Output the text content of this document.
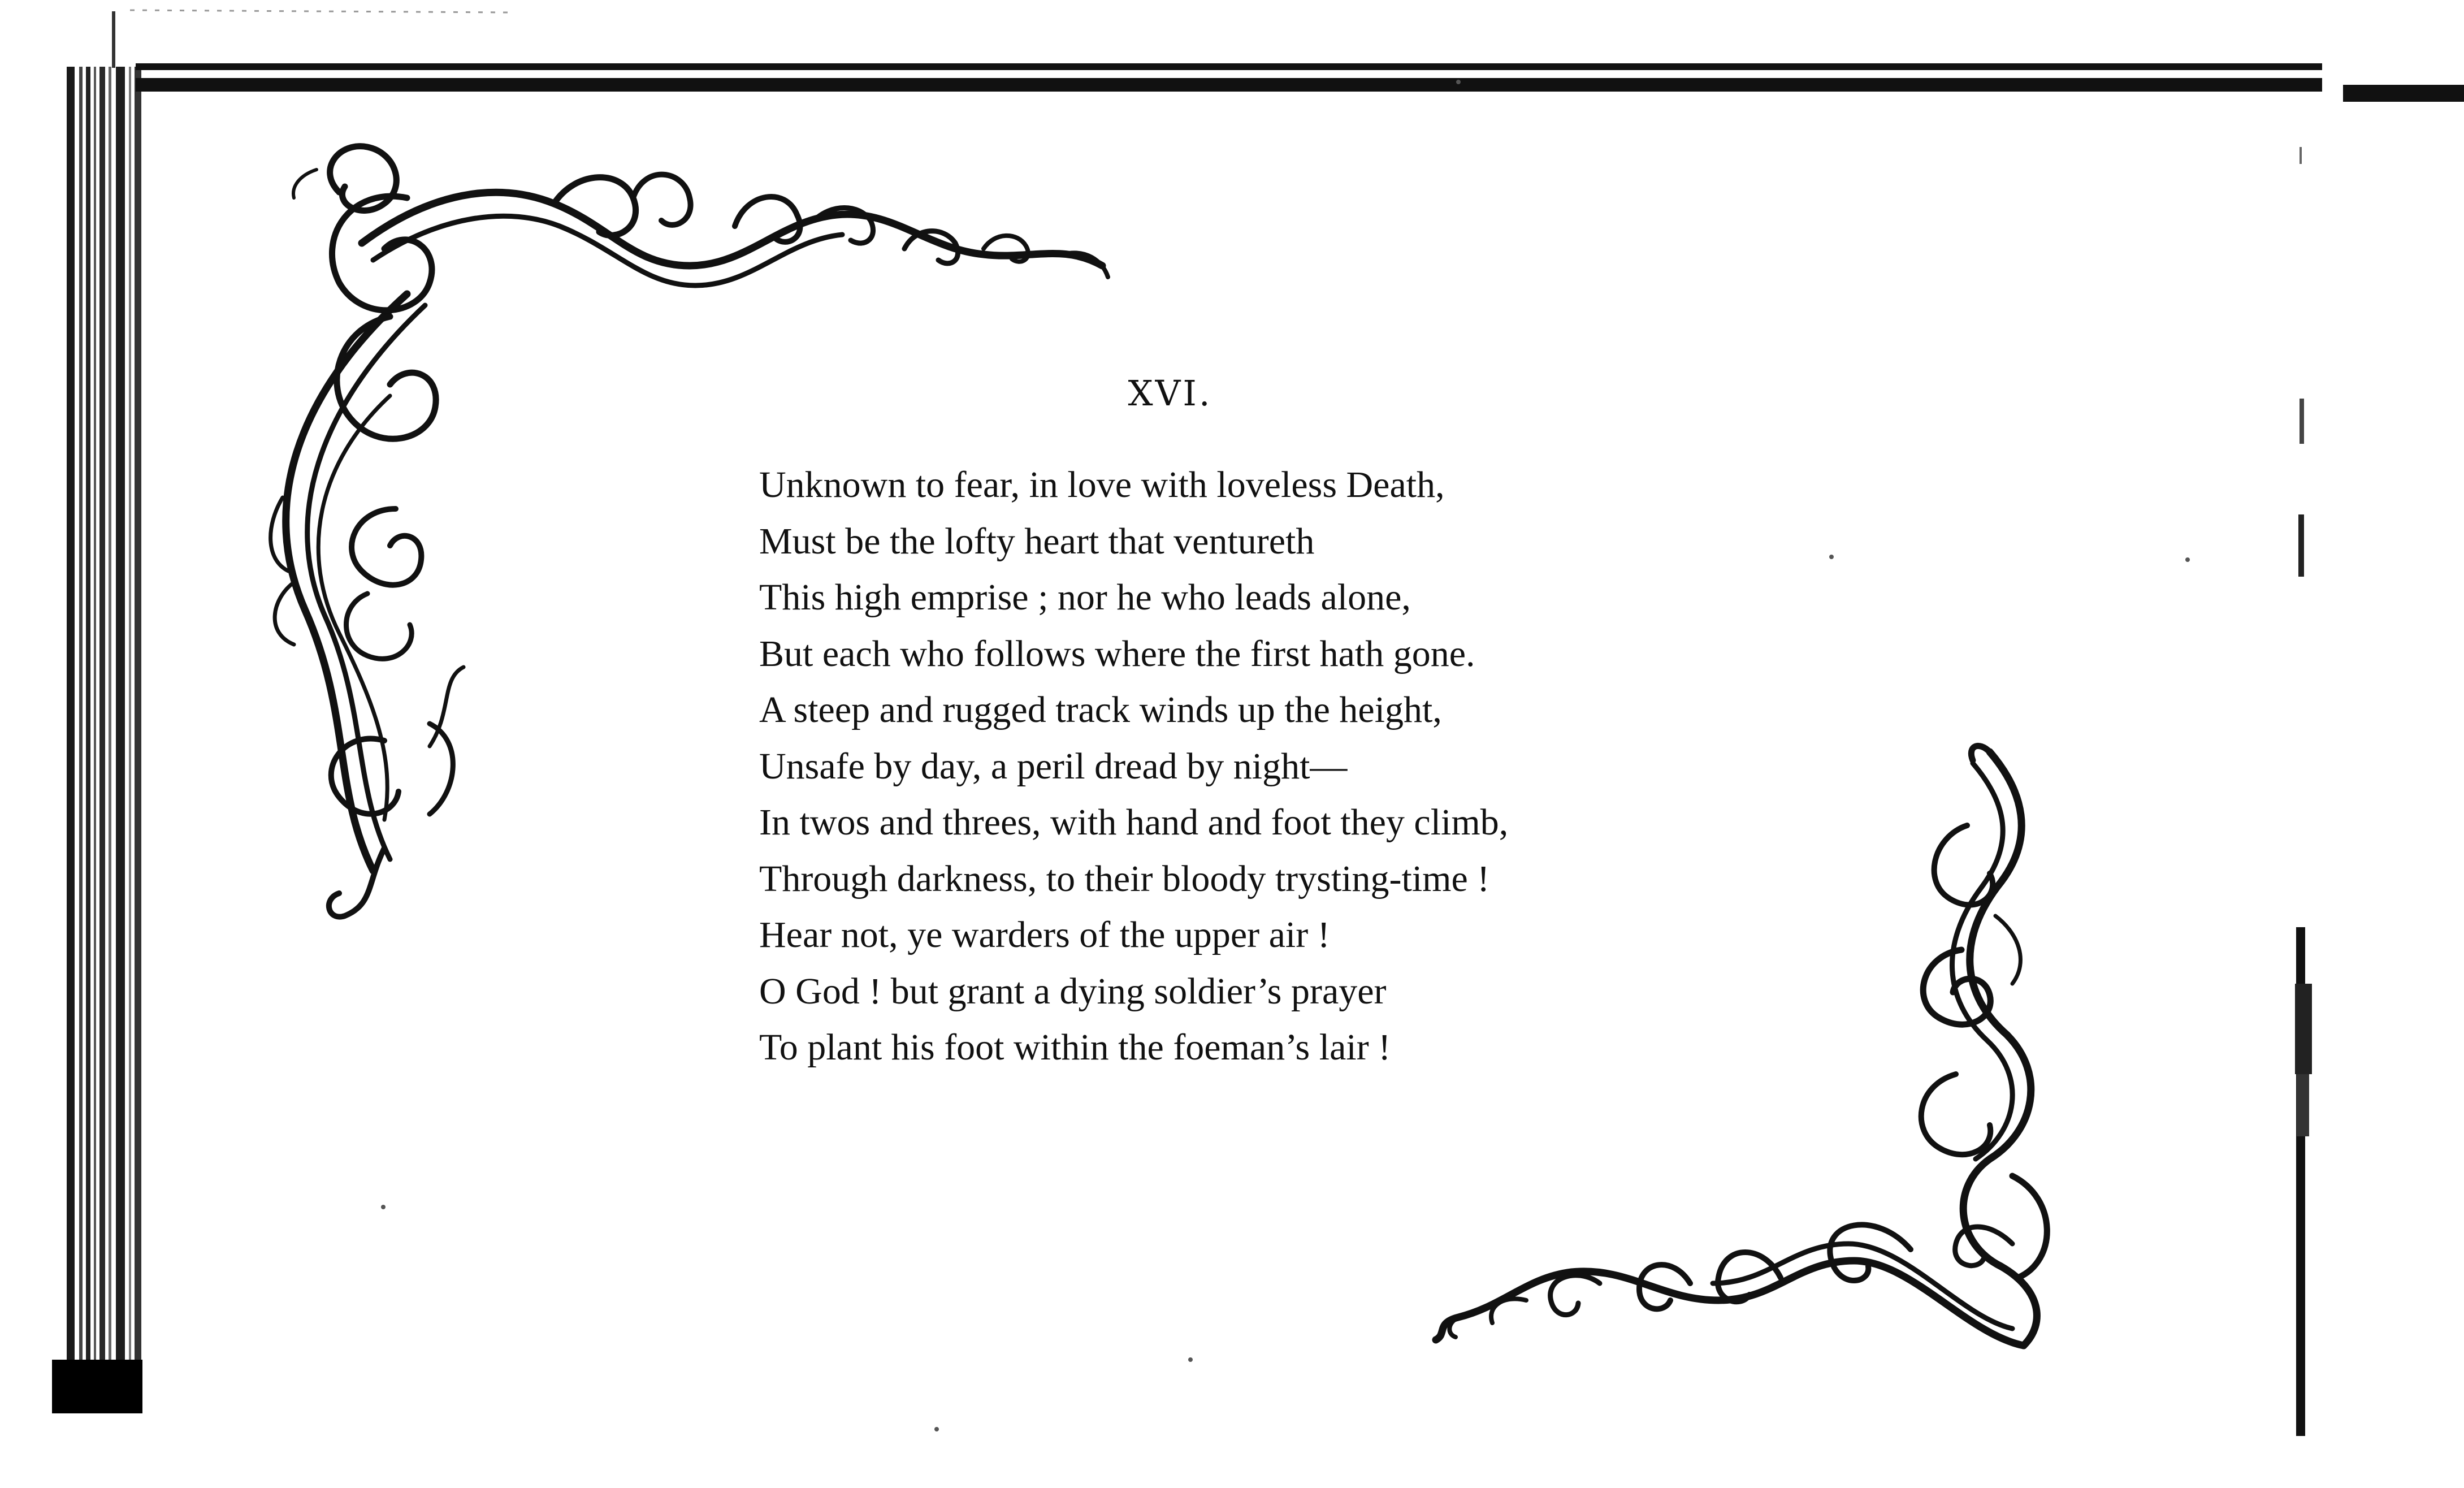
XVI.
Unknown to fear, in love with loveless Death,
Must be the lofty heart that ventureth
This high emprise ; nor he who leads alone,
But each who follows where the first hath gone.
A steep and rugged track winds up the height,
Unsafe by day, a peril dread by night—
In twos and threes, with hand and foot they climb,
Through darkness, to their bloody trysting-time !
Hear not, ye warders of the upper air !
O God ! but grant a dying soldier’s prayer
To plant his foot within the foeman’s lair !
